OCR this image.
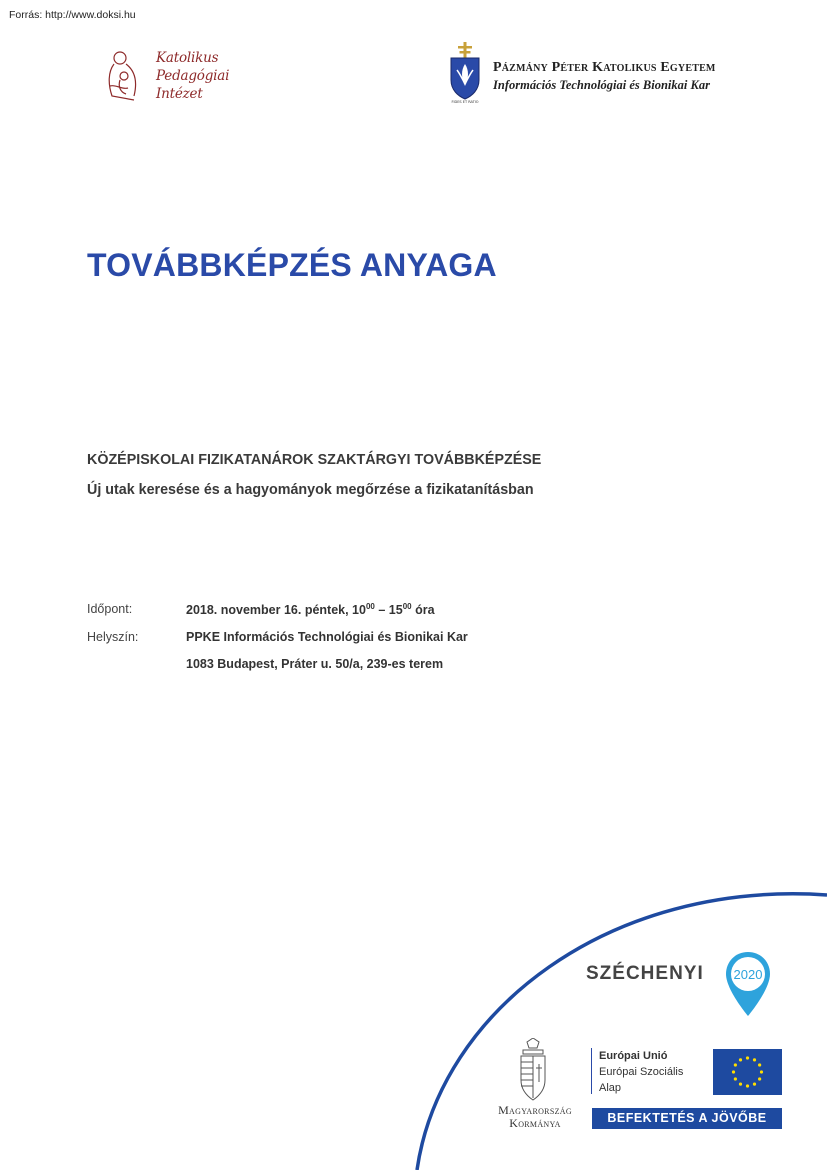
Forrás: http://www.doksi.hu
Katolikus
Pedagógiai
Intézet	FIDES ET RATIO
Pázmány Péter Katolikus Egyetem
Információs Technológiai és Bionikai Kar
TOVÁBBKÉPZÉS ANYAGA
KÖZÉPISKOLAI FIZIKATANÁROK SZAKTÁRGYI TOVÁBBKÉPZÉSE
Új utak keresése és a hagyományok megőrzése a fizikatanításban
Időpont:	2018. november 16. péntek, $10^{00} - 15^{00}$ óra
Helyszín:	PPKE Információs Technológiai és Bionikai Kar
1083 Budapest, Práter u. 50/a, 239-es terem
SZÉCHENYI 2020
Magyarország
Kormánya
Európai Unió
Európai Szociális
Alap
BEFEKTETÉS A JÖVŐBE
